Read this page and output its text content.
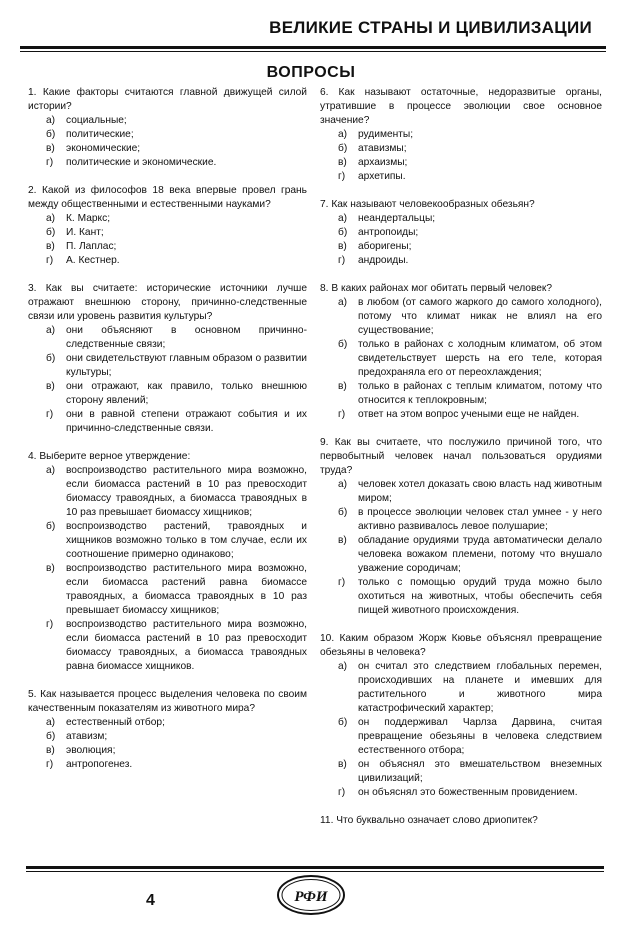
ВЕЛИКИЕ СТРАНЫ И ЦИВИЛИЗАЦИИ
ВОПРОСЫ
1. Какие факторы считаются главной движущей силой истории?
а)	социальные;
б)	политические;
в)	экономические;
г)	политические и экономические.
2. Какой из философов 18 века впервые провел грань между общественными и естественными науками?
а)	К. Маркс;
б)	И. Кант;
в)	П. Лаплас;
г)	А. Кестнер.
3. Как вы считаете: исторические источники лучше отражают внешнюю сторону, причинно-следственные связи или уровень развития культуры?
а)	они объясняют в основном причинно-следственные связи;
б)	они свидетельствуют главным образом о развитии культуры;
в)	они отражают, как правило, только внешнюю сторону явлений;
г)	они в равной степени отражают события и их причинно-следственные связи.
4. Выберите верное утверждение:
а)	воспроизводство растительного мира возможно, если биомасса растений в 10 раз превосходит биомассу травоядных, а биомасса травоядных в 10 раз превышает биомассу хищников;
б)	воспроизводство растений, травоядных и хищников возможно только в том случае, если их соотношение примерно одинаково;
в)	воспроизводство растительного мира возможно, если биомасса растений равна биомассе травоядных, а биомасса травоядных в 10 раз превышает биомассу хищников;
г)	воспроизводство растительного мира возможно, если биомасса растений в 10 раз превосходит биомассу травоядных, а биомасса травоядных равна биомассе хищников.
5. Как называется процесс выделения человека по своим качественным показателям из животного мира?
а)	естественный отбор;
б)	атавизм;
в)	эволюция;
г)	антропогенез.
6. Как называют остаточные, недоразвитые органы, утратившие в процессе эволюции свое основное значение?
а)	рудименты;
б)	атавизмы;
в)	архаизмы;
г)	архетипы.
7. Как называют человекообразных обезьян?
а)	неандертальцы;
б)	антропоиды;
в)	аборигены;
г)	андроиды.
8. В каких районах мог обитать первый человек?
а)	в любом (от самого жаркого до самого холодного), потому что климат никак не влиял на его существование;
б)	только в районах с холодным климатом, об этом свидетельствует шерсть на его теле, которая предохраняла его от переохлаждения;
в)	только в районах с теплым климатом, потому что относится к теплокровным;
г)	ответ на этом вопрос учеными еще не найден.
9. Как вы считаете, что послужило причиной того, что первобытный человек начал пользоваться орудиями труда?
а)	человек хотел доказать свою власть над животным миром;
б)	в процессе эволюции человек стал умнее - у него активно развивалось левое полушарие;
в)	обладание орудиями труда автоматически делало человека вожаком племени, потому что внушало уважение сородичам;
г)	только с помощью орудий труда можно было охотиться на животных, чтобы обеспечить себя пищей животного происхождения.
10. Каким образом Жорж Кювье объяснял превращение обезьяны в человека?
а)	он считал это следствием глобальных перемен, происходивших на планете и имевших для растительного и животного мира катастрофический характер;
б)	он поддерживал Чарлза Дарвина, считая превращение обезьяны в человека следствием естественного отбора;
в)	он объяснял это вмешательством внеземных цивилизаций;
г)	он объяснял это божественным провидением.
11. Что буквально означает слово дриопитек?
4	РФИ
